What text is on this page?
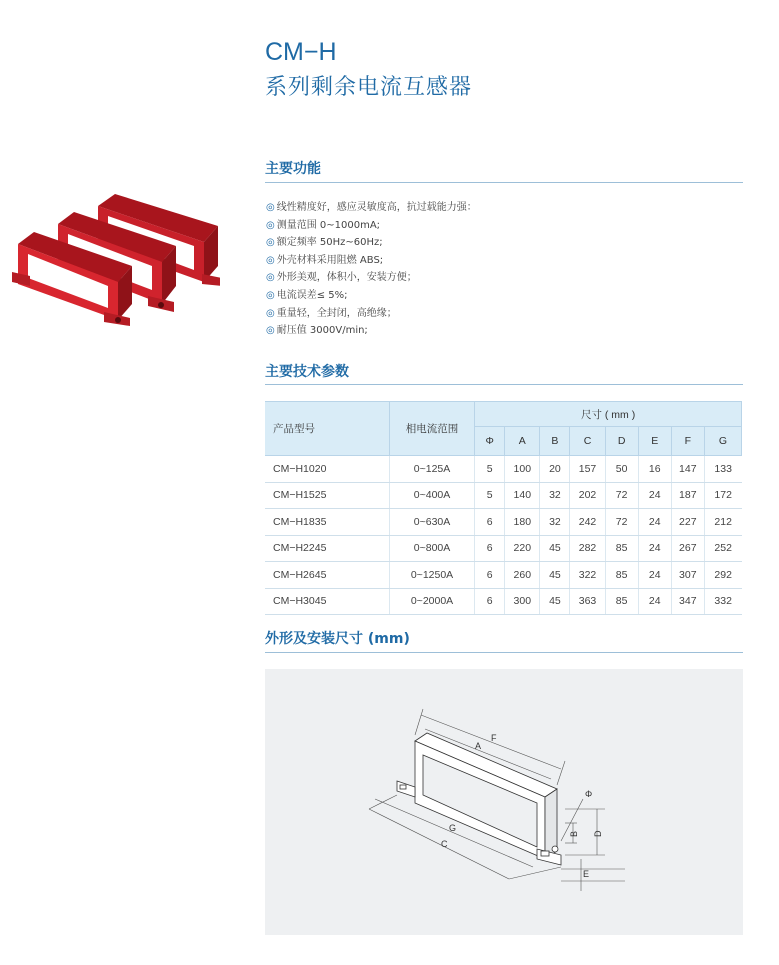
CM−H
系列剩余电流互感器
主要功能
◎ 线性精度好，感应灵敏度高，抗过载能力强：
◎ 测量范围 0~1000mA;
◎ 额定频率 50Hz~60Hz;
◎ 外壳材料采用阻燃 ABS;
◎ 外形美观，体积小，安装方便；
◎ 电流误差≤ 5%;
◎ 重量轻，全封闭，高绝缘；
◎ 耐压值 3000V/min;
主要技术参数
产品型号	相电流范围	尺寸 ( mm )							
		Φ	A	B	C	D	E	F	G
CM−H1020	0~125A	5	100	20	157	50	16	147	133
CM−H1525	0~400A	5	140	32	202	72	24	187	172
CM−H1835	0~630A	6	180	32	242	72	24	227	212
CM−H2245	0~800A	6	220	45	282	85	24	267	252
CM−H2645	0~1250A	6	260	45	322	85	24	307	292
CM−H3045	0~2000A	6	300	45	363	85	24	347	332
外形及安装尺寸 (mm)
F
A
G
C
D
B
E
Φ
